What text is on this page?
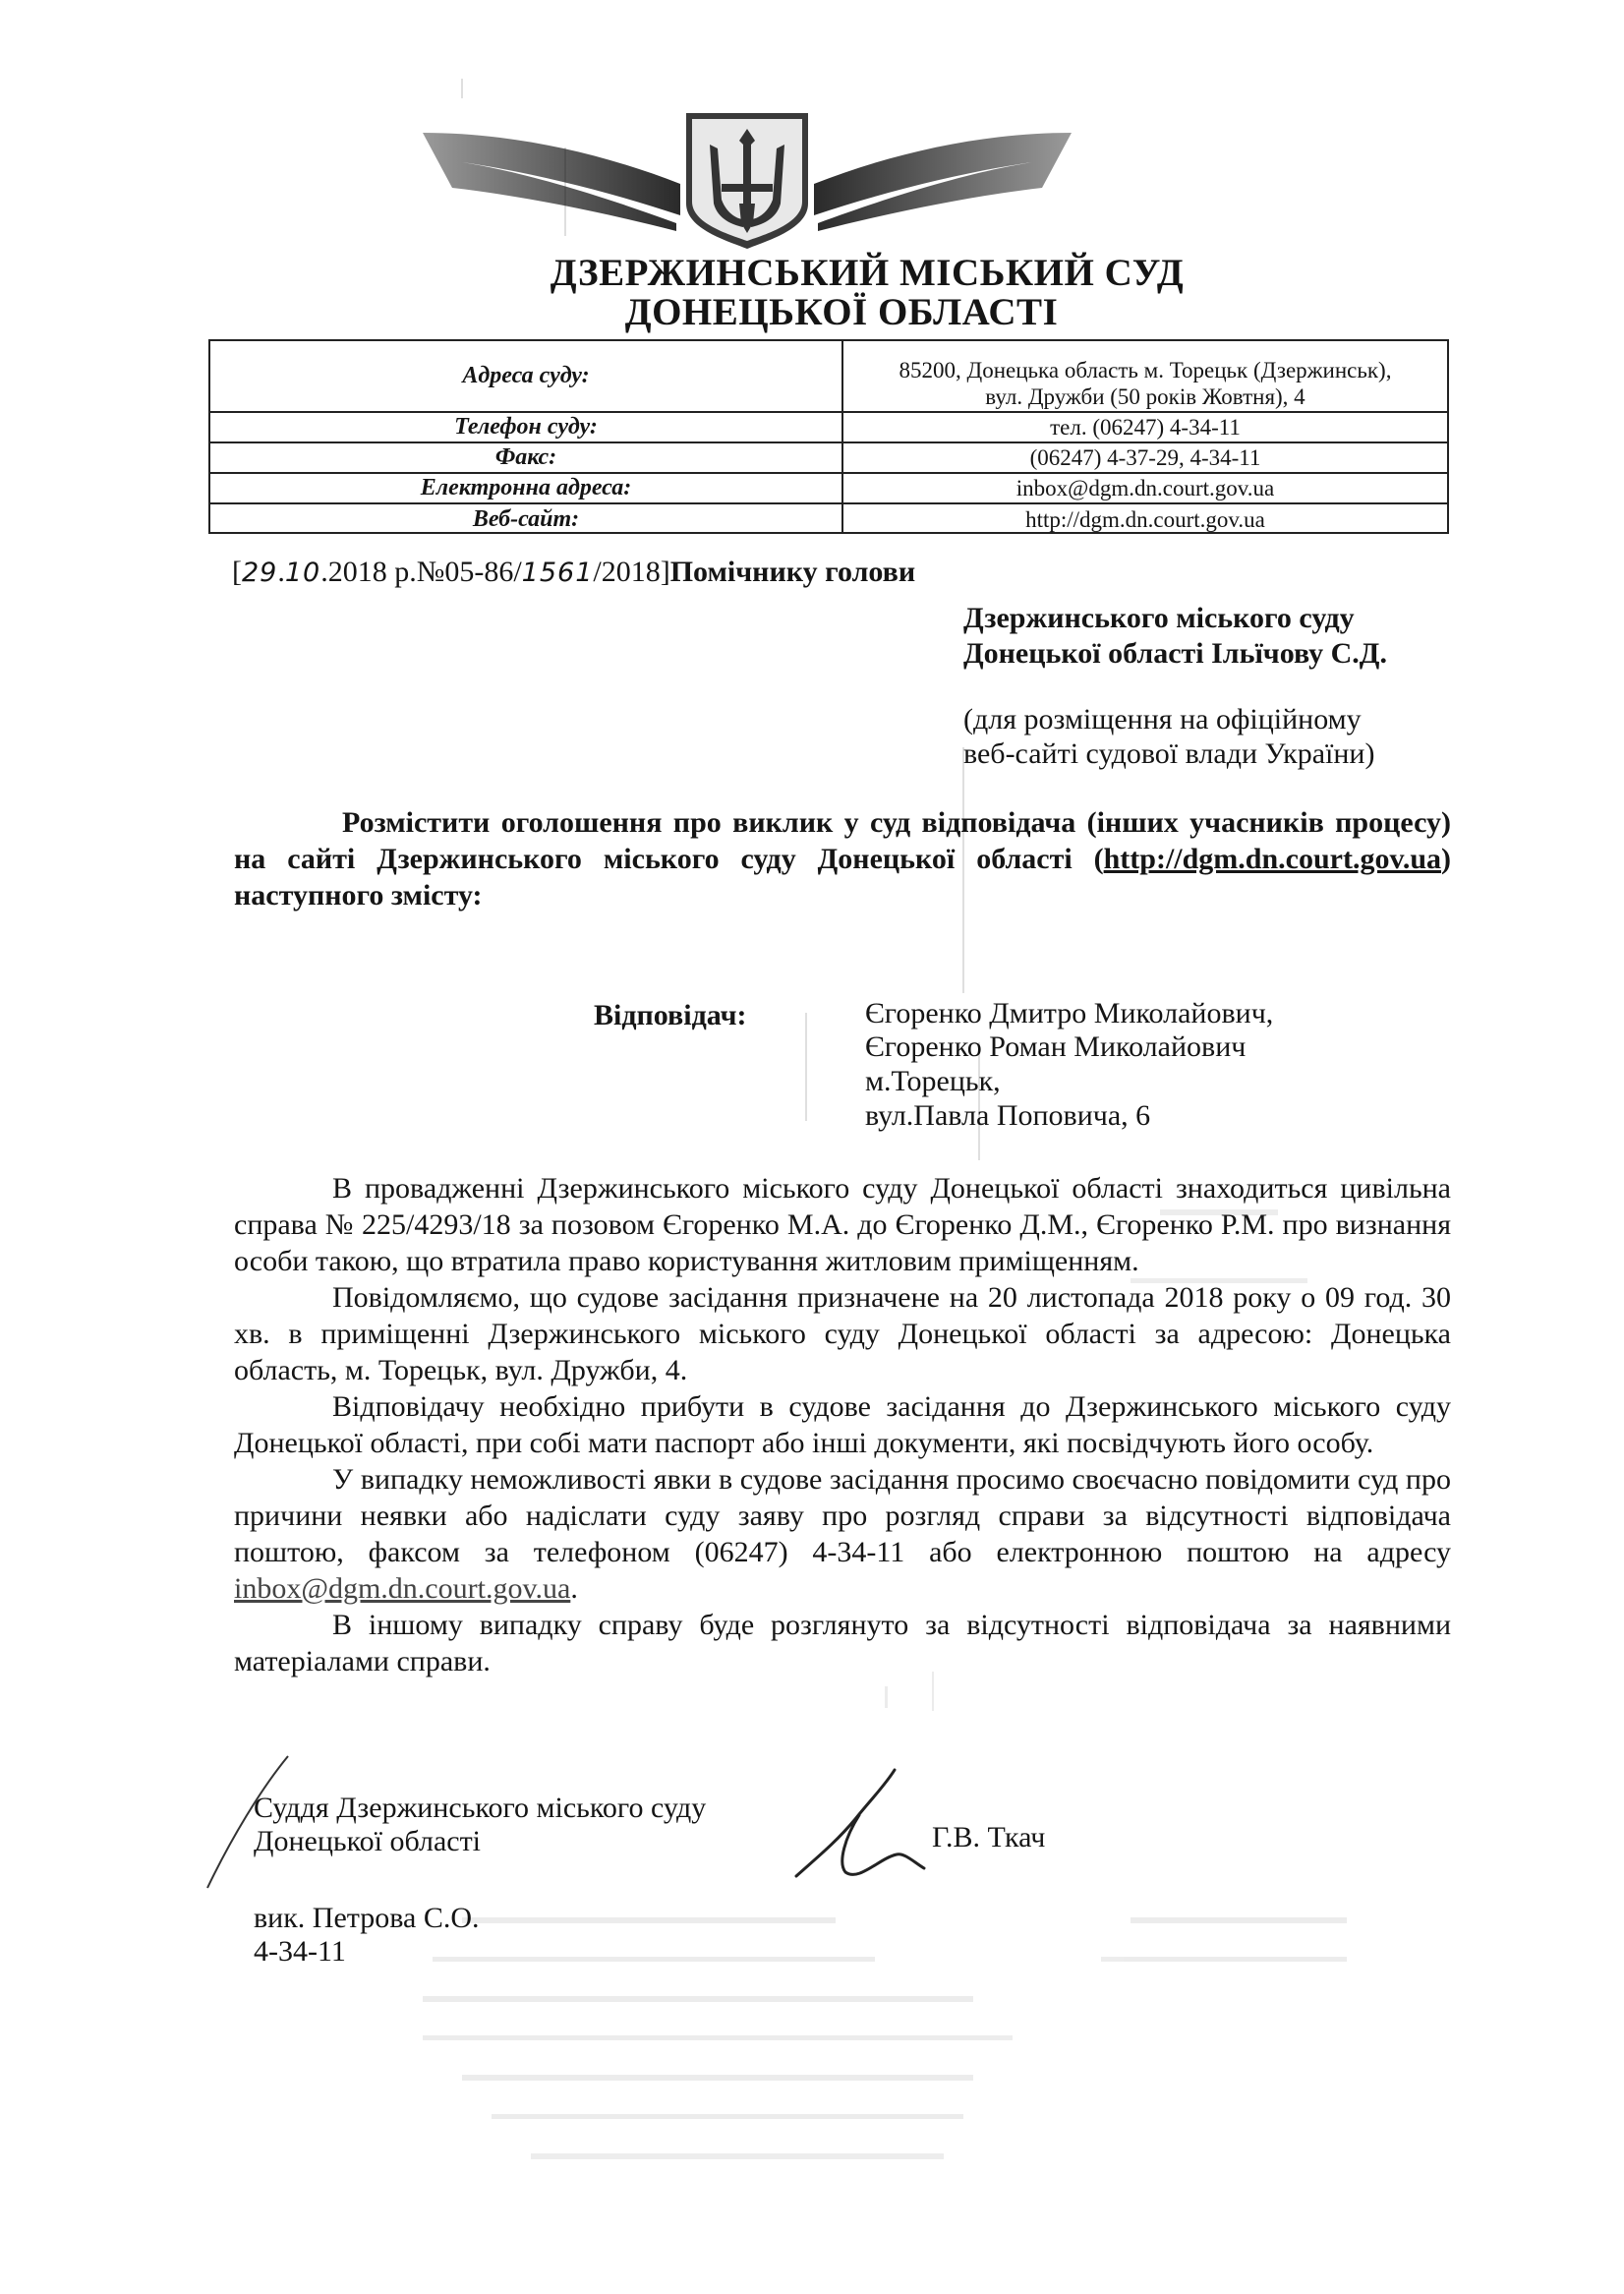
ДЗЕРЖИНСЬКИЙ МІСЬКИЙ СУД
ДОНЕЦЬКОЇ ОБЛАСТІ
Адреса суду:	85200, Донецька область м. Торецьк (Дзержинськ),
вул. Дружби (50 років Жовтня), 4
Телефон суду:	тел. (06247) 4-34-11
Факс:	(06247) 4-37-29, 4-34-11
Електронна адреса:	inbox@dgm.dn.court.gov.ua
Веб-сайт:	http://dgm.dn.court.gov.ua
[29.10.2018 р.№05-86/1561/2018]Помічнику голови
Дзержинського міського суду
Донецької області Ільїчову С.Д.
(для розміщення на офіційному
веб-сайті судової влади України)
Розмістити оголошення про виклик у суд відповідача (інших учасників процесу) на сайті Дзержинського міського суду Донецької області (http://dgm.dn.court.gov.ua) наступного змісту:
Відповідач:	Єгоренко Дмитро Миколайович,
Єгоренко Роман Миколайович
м.Торецьк,
вул.Павла Поповича, 6

В провадженні Дзержинського міського суду Донецької області знаходиться цивільна справа № 225/4293/18 за позовом Єгоренко М.А. до Єгоренко Д.М., Єгоренко Р.М. про визнання особи такою, що втратила право користування житловим приміщенням.

Повідомляємо, що судове засідання призначене на 20 листопада 2018 року о 09 год. 30 хв. в приміщенні Дзержинського міського суду Донецької області за адресою: Донецька область, м. Торецьк, вул. Дружби, 4.

Відповідачу необхідно прибути в судове засідання до Дзержинського міського суду Донецької області, при собі мати паспорт або інші документи, які посвідчують його особу.

У випадку неможливості явки в судове засідання просимо своєчасно повідомити суд про причини неявки або надіслати суду заяву про розгляд справи за відсутності відповідача поштою, факсом за телефоном (06247) 4-34-11 або електронною поштою на адресу inbox@dgm.dn.court.gov.ua.

В іншому випадку справу буде розглянуто за відсутності відповідача за наявними матеріалами справи.

Суддя Дзержинського міського суду
Донецької області	Г.В. Ткач
вик. Петрова С.О.
4-34-11
